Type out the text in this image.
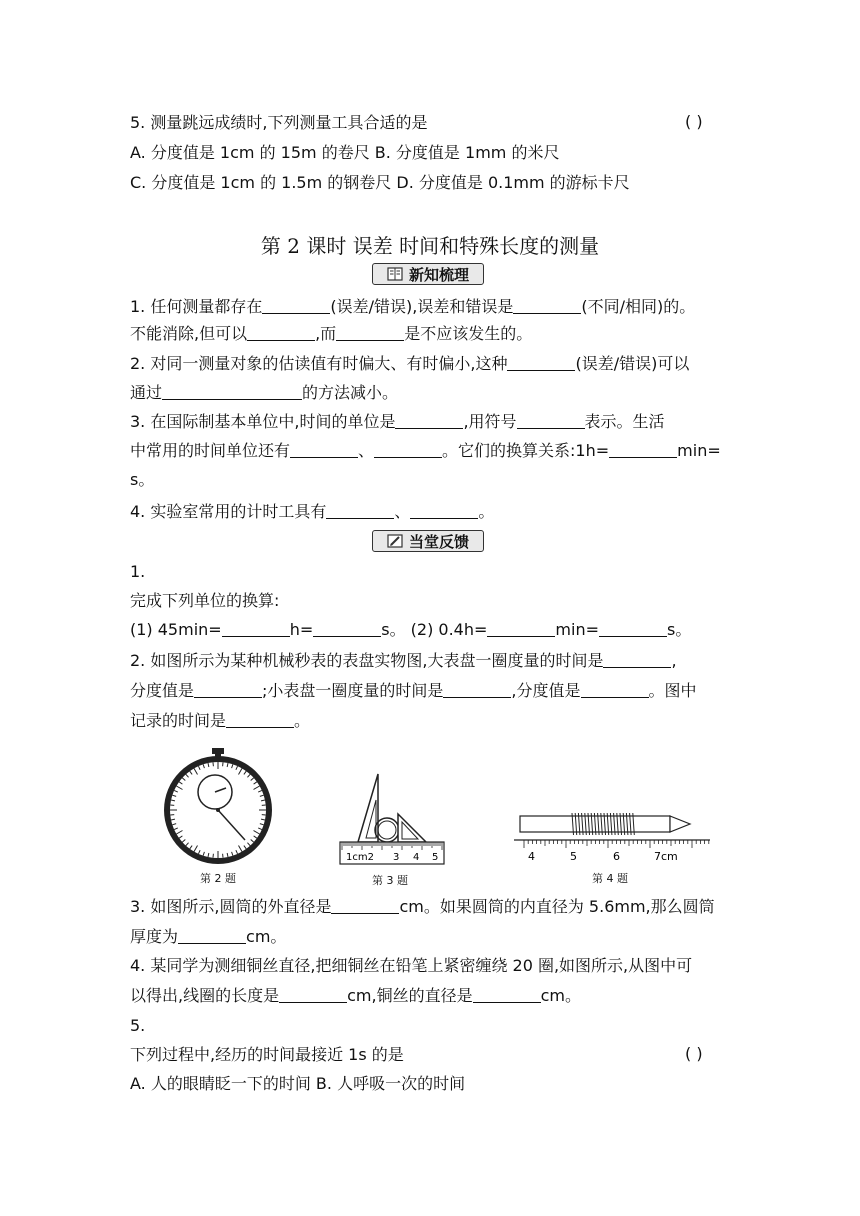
5. 测量跳远成绩时,下列测量工具合适的是	( )
A. 分度值是 1cm 的 15m 的卷尺 B. 分度值是 1mm 的米尺
C. 分度值是 1cm 的 1.5m 的钢卷尺 D. 分度值是 0.1mm 的游标卡尺
第 2 课时 误差 时间和特殊长度的测量
新知梳理
1. 任何测量都存在	(误差/错误),误差和错误是	(不同/相同)的。
不能消除,但可以	,而	是不应该发生的。
2. 对同一测量对象的估读值有时偏大、有时偏小,这种	(误差/错误)可以
通过	的方法减小。
3. 在国际制基本单位中,时间的单位是	,用符号	表示。生活
中常用的时间单位还有	、	。它们的换算关系:1h=	min=
s。
4. 实验室常用的计时工具有	、	。
当堂反馈
1.
完成下列单位的换算:
(1) 45min=	h=	s。 (2) 0.4h=	min=	s。
2. 如图所示为某种机械秒表的表盘实物图,大表盘一圈度量的时间是	,
分度值是	;小表盘一圈度量的时间是	,分度值是	。图中
记录的时间是	。
第 2 题
1cm2 3 4 5
第 3 题
4	5	6	7cm
第 4 题
3. 如图所示,圆筒的外直径是	cm。如果圆筒的内直径为 5.6mm,那么圆筒
厚度为	cm。
4. 某同学为测细铜丝直径,把细铜丝在铅笔上紧密缠绕 20 圈,如图所示,从图中可
以得出,线圈的长度是	cm,铜丝的直径是	cm。
5.
下列过程中,经历的时间最接近 1s 的是	( )
A. 人的眼睛眨一下的时间 B. 人呼吸一次的时间
